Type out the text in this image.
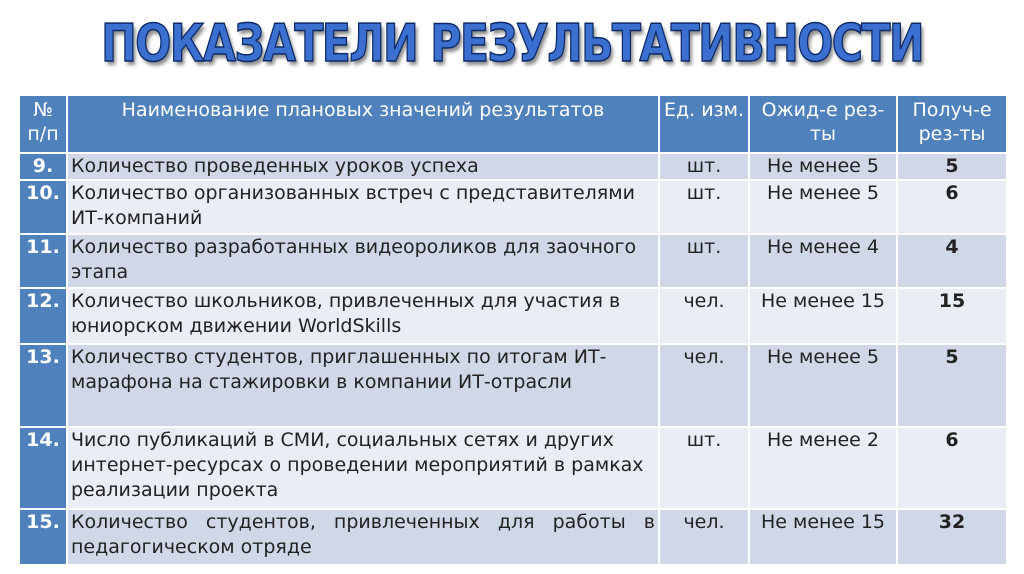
ПОКАЗАТЕЛИ РЕЗУЛЬТАТИВНОСТИ
№ п/п	Наименование плановых значений результатов	Ед. изм.	Ожид-е рез-ты	Получ-е рез-ты
9.	Количество проведенных уроков успеха	шт.	Не менее 5	5
10.	Количество организованных встреч с представителями ИТ-компаний	шт.	Не менее 5	6
11.	Количество разработанных видеороликов для заочного этапа	шт.	Не менее 4	4
12.	Количество школьников, привлеченных для участия в юниорском движении WorldSkills	чел.	Не менее 15	15
13.	Количество студентов, приглашенных по итогам ИТ-марафона на стажировки в компании ИТ-отрасли	чел.	Не менее 5	5
14.	Число публикаций в СМИ, социальных сетях и других интернет-ресурсах о проведении мероприятий в рамках реализации проекта	шт.	Не менее 2	6
15.	Количество студентов, привлеченных для работы в педагогическом отряде	чел.	Не менее 15	32
